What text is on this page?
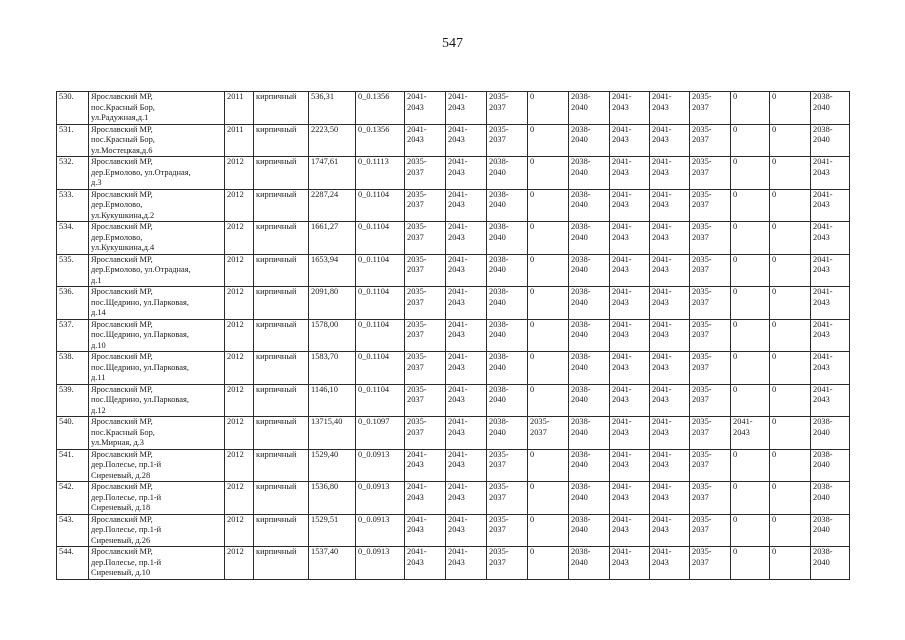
547
530.	Ярославский МР,
пос.Красный Бор,
ул.Радужная,д.1	2011	кирпичный	536,31	0_0.1356	2041-2043	2041-2043	2035-2037	0	2038-2040	2041-2043	2041-2043	2035-2037	0	0	2038-2040
531.	Ярославский МР,
пос.Красный Бор,
ул.Мостецкая,д.6	2011	кирпичный	2223,50	0_0.1356	2041-2043	2041-2043	2035-2037	0	2038-2040	2041-2043	2041-2043	2035-2037	0	0	2038-2040
532.	Ярославский МР,
дер.Ермолово, ул.Отрадная,
д.3	2012	кирпичный	1747,61	0_0.1113	2035-2037	2041-2043	2038-2040	0	2038-2040	2041-2043	2041-2043	2035-2037	0	0	2041-2043
533.	Ярославский МР,
дер.Ермолово,
ул.Кукушкина,д.2	2012	кирпичный	2287,24	0_0.1104	2035-2037	2041-2043	2038-2040	0	2038-2040	2041-2043	2041-2043	2035-2037	0	0	2041-2043
534.	Ярославский МР,
дер.Ермолово,
ул.Кукушкина,д.4	2012	кирпичный	1661,27	0_0.1104	2035-2037	2041-2043	2038-2040	0	2038-2040	2041-2043	2041-2043	2035-2037	0	0	2041-2043
535.	Ярославский МР,
дер.Ермолово, ул.Отрадная,
д.1	2012	кирпичный	1653,94	0_0.1104	2035-2037	2041-2043	2038-2040	0	2038-2040	2041-2043	2041-2043	2035-2037	0	0	2041-2043
536.	Ярославский МР,
пос.Щедрино, ул.Парковая,
д.14	2012	кирпичный	2091,80	0_0.1104	2035-2037	2041-2043	2038-2040	0	2038-2040	2041-2043	2041-2043	2035-2037	0	0	2041-2043
537.	Ярославский МР,
пос.Щедрино, ул.Парковая,
д.10	2012	кирпичный	1578,00	0_0.1104	2035-2037	2041-2043	2038-2040	0	2038-2040	2041-2043	2041-2043	2035-2037	0	0	2041-2043
538.	Ярославский МР,
пос.Щедрино, ул.Парковая,
д.11	2012	кирпичный	1583,70	0_0.1104	2035-2037	2041-2043	2038-2040	0	2038-2040	2041-2043	2041-2043	2035-2037	0	0	2041-2043
539.	Ярославский МР,
пос.Щедрино, ул.Парковая,
д.12	2012	кирпичный	1146,10	0_0.1104	2035-2037	2041-2043	2038-2040	0	2038-2040	2041-2043	2041-2043	2035-2037	0	0	2041-2043
540.	Ярославский МР,
пос.Красный Бор,
ул.Мирная, д.3	2012	кирпичный	13715,40	0_0.1097	2035-2037	2041-2043	2038-2040	2035-2037	2038-2040	2041-2043	2041-2043	2035-2037	2041-2043	0	2038-2040
541.	Ярославский МР,
дер.Полесье, пр.1-й
Сиреневый, д.28	2012	кирпичный	1529,40	0_0.0913	2041-2043	2041-2043	2035-2037	0	2038-2040	2041-2043	2041-2043	2035-2037	0	0	2038-2040
542.	Ярославский МР,
дер.Полесье, пр.1-й
Сиреневый, д.18	2012	кирпичный	1536,80	0_0.0913	2041-2043	2041-2043	2035-2037	0	2038-2040	2041-2043	2041-2043	2035-2037	0	0	2038-2040
543.	Ярославский МР,
дер.Полесье, пр.1-й
Сиреневый, д.26	2012	кирпичный	1529,51	0_0.0913	2041-2043	2041-2043	2035-2037	0	2038-2040	2041-2043	2041-2043	2035-2037	0	0	2038-2040
544.	Ярославский МР,
дер.Полесье, пр.1-й
Сиреневый, д.10	2012	кирпичный	1537,40	0_0.0913	2041-2043	2041-2043	2035-2037	0	2038-2040	2041-2043	2041-2043	2035-2037	0	0	2038-2040
